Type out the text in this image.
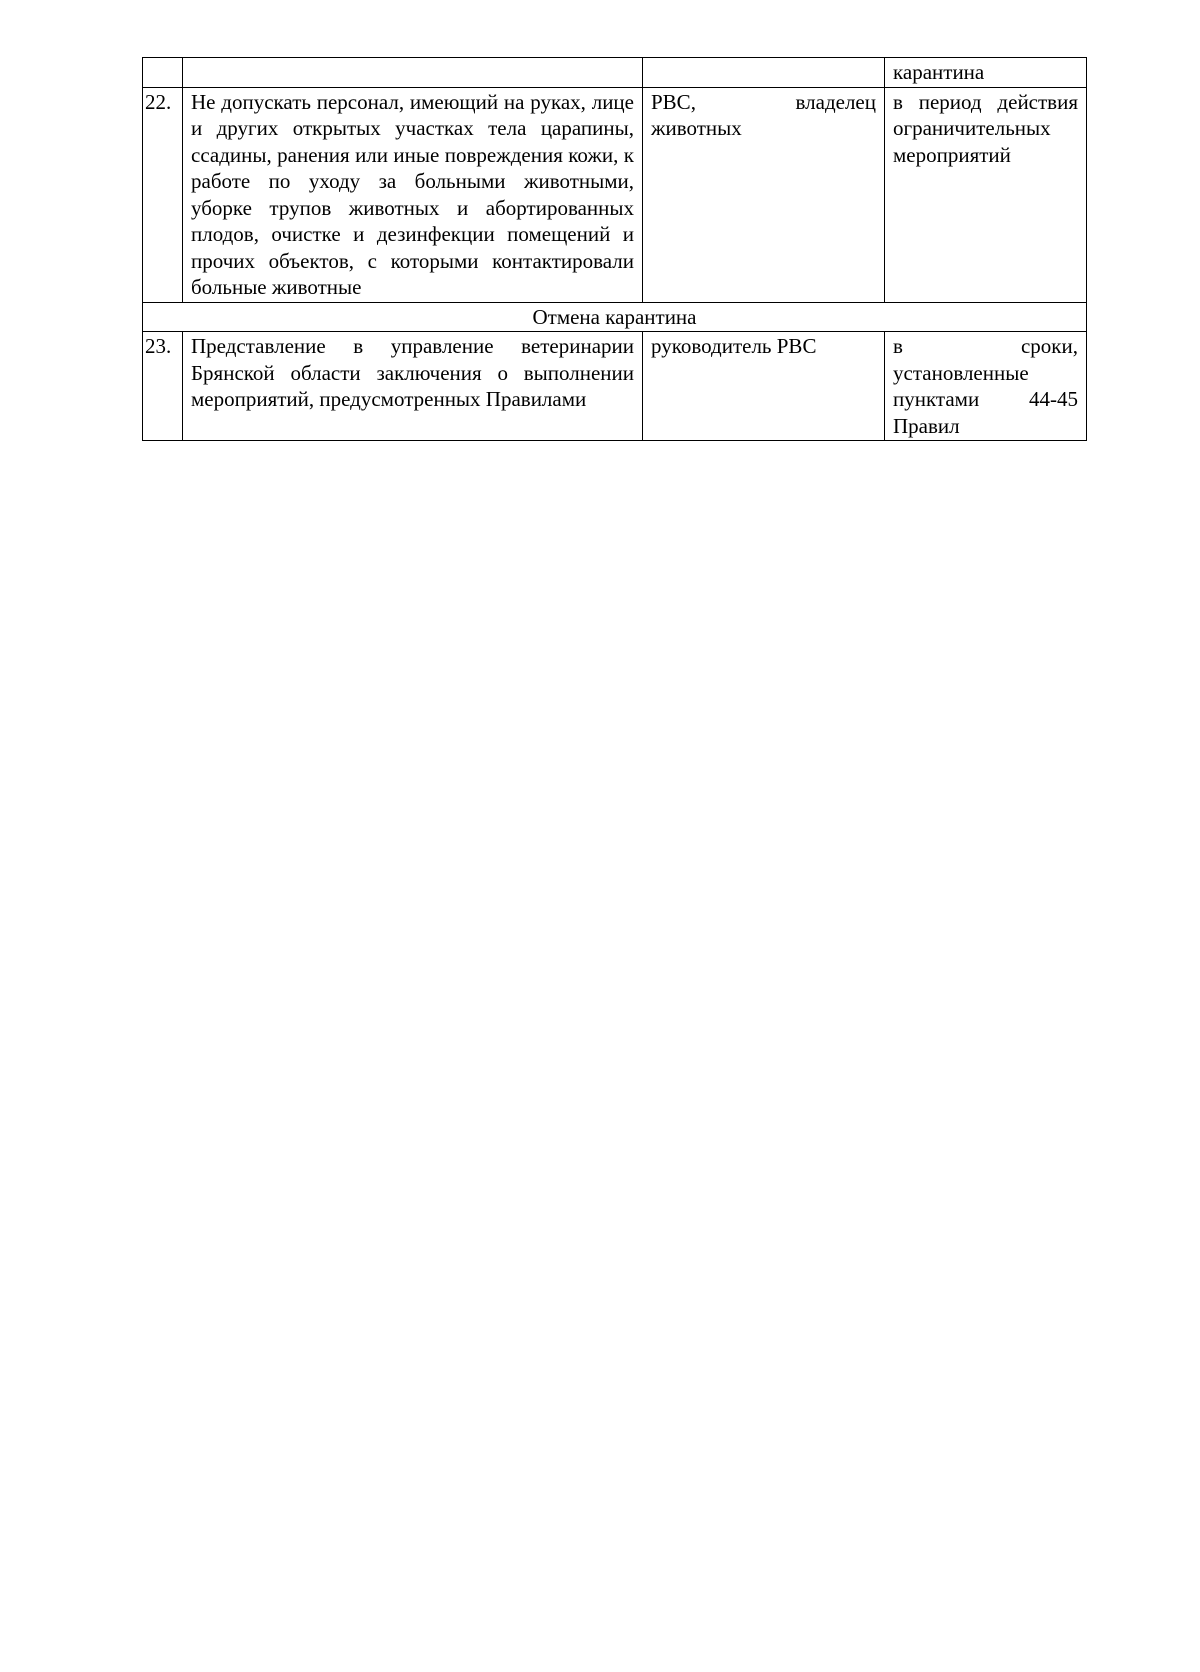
			карантина
22.	Не допускать персонал, имеющий на руках, лице и других открытых участках тела царапины, ссадины, ранения или иные повреждения кожи, к работе по уходу за больными животными, уборке трупов животных и абортированных плодов, очистке и дезинфекции помещений и прочих объектов, с которыми контактировали больные животные	РВС, владелец животных	в период действия ограничительных мероприятий
Отмена карантина			
23.	Представление в управление ветеринарии Брянской области заключения о выполнении мероприятий, предусмотренных Правилами	руководитель РВС	в сроки, установленные пунктами 44-45 Правил
